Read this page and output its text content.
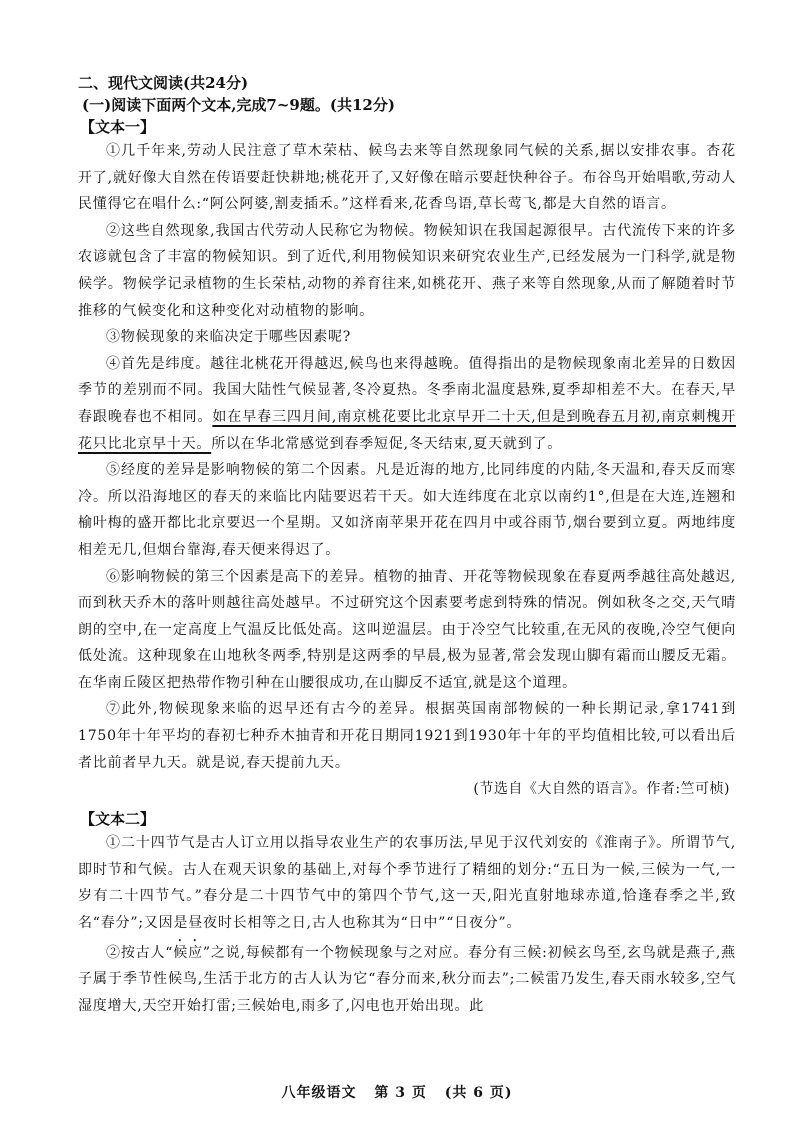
二、现代文阅读(共24分)
(一)阅读下面两个文本,完成7~9题。(共12分)
【文本一】

①几千年来,劳动人民注意了草木荣枯、候鸟去来等自然现象同气候的关系,据以安排农事。杏花开了,就好像大自然在传语要赶快耕地;桃花开了,又好像在暗示要赶快种谷子。布谷鸟开始唱歌,劳动人民懂得它在唱什么:“阿公阿婆,割麦插禾。”这样看来,花香鸟语,草长莺飞,都是大自然的语言。

②这些自然现象,我国古代劳动人民称它为物候。物候知识在我国起源很早。古代流传下来的许多农谚就包含了丰富的物候知识。到了近代,利用物候知识来研究农业生产,已经发展为一门科学,就是物候学。物候学记录植物的生长荣枯,动物的养育往来,如桃花开、燕子来等自然现象,从而了解随着时节推移的气候变化和这种变化对动植物的影响。

③物候现象的来临决定于哪些因素呢?

④首先是纬度。越往北桃花开得越迟,候鸟也来得越晚。值得指出的是物候现象南北差异的日数因季节的差别而不同。我国大陆性气候显著,冬冷夏热。冬季南北温度悬殊,夏季却相差不大。在春天,早春跟晚春也不相同。如在早春三四月间,南京桃花要比北京早开二十天,但是到晚春五月初,南京刺槐开花只比北京早十天。所以在华北常感觉到春季短促,冬天结束,夏天就到了。

⑤经度的差异是影响物候的第二个因素。凡是近海的地方,比同纬度的内陆,冬天温和,春天反而寒冷。所以沿海地区的春天的来临比内陆要迟若干天。如大连纬度在北京以南约1°,但是在大连,连翘和榆叶梅的盛开都比北京要迟一个星期。又如济南苹果开花在四月中或谷雨节,烟台要到立夏。两地纬度相差无几,但烟台靠海,春天便来得迟了。

⑥影响物候的第三个因素是高下的差异。植物的抽青、开花等物候现象在春夏两季越往高处越迟,而到秋天乔木的落叶则越往高处越早。不过研究这个因素要考虑到特殊的情况。例如秋冬之交,天气晴朗的空中,在一定高度上气温反比低处高。这叫逆温层。由于冷空气比较重,在无风的夜晚,冷空气便向低处流。这种现象在山地秋冬两季,特别是这两季的早晨,极为显著,常会发现山脚有霜而山腰反无霜。在华南丘陵区把热带作物引种在山腰很成功,在山脚反不适宜,就是这个道理。

⑦此外,物候现象来临的迟早还有古今的差异。根据英国南部物候的一种长期记录,拿1741到1750年十年平均的春初七种乔木抽青和开花日期同1921到1930年十年的平均值相比较,可以看出后者比前者早九天。就是说,春天提前九天。

(节选自《大自然的语言》。作者:竺可桢)
【文本二】

①二十四节气是古人订立用以指导农业生产的农事历法,早见于汉代刘安的《淮南子》。所谓节气,即时节和气候。古人在观天识象的基础上,对每个季节进行了精细的划分:“五日为一候,三候为一气,一岁有二十四节气。”春分是二十四节气中的第四个节气,这一天,阳光直射地球赤道,恰逢春季之半,致名“春分”;又因是昼夜时长相等之日,古人也称其为“日中”“日夜分”。

②按古人“候应”之说,每候都有一个物候现象与之对应。春分有三候:初候玄鸟至,玄鸟就是燕子,燕子属于季节性候鸟,生活于北方的古人认为它“春分而来,秋分而去”;二候雷乃发生,春天雨水较多,空气湿度增大,天空开始打雷;三候始电,雨多了,闪电也开始出现。此

八年级语文 第 3 页 (共 6 页)
